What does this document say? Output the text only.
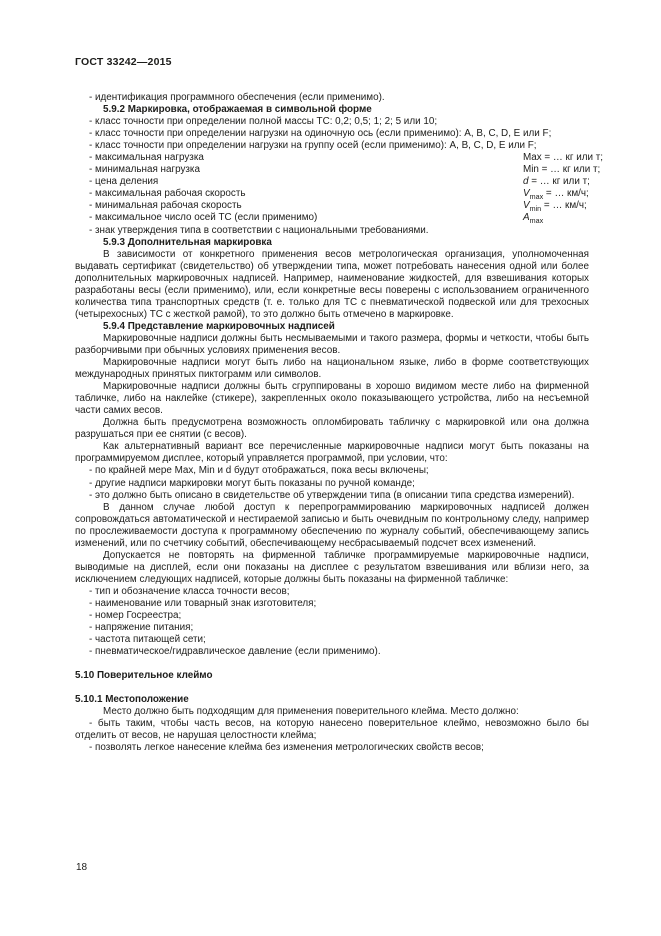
ГОСТ 33242—2015
- идентификация программного обеспечения (если применимо).
5.9.2 Маркировка, отображаемая в символьной форме
- класс точности при определении полной массы ТС: 0,2; 0,5; 1; 2; 5 или 10;
- класс точности при определении нагрузки на одиночную ось (если применимо): A, B, C, D, E или F;
- класс точности при определении нагрузки на группу осей (если применимо): A, B, C, D, E или F;
- максимальная нагрузка	Max = … кг или т;
- минимальная нагрузка	Min = … кг или т;
- цена деления	d = … кг или т;
- максимальная рабочая скорость	$V_{max}$ = … км/ч;
- минимальная рабочая скорость	$V_{min}$ = … км/ч;
- максимальное число осей ТС (если применимо)	$A_{max}$
- знак утверждения типа в соответствии с национальными требованиями.
5.9.3 Дополнительная маркировка
В зависимости от конкретного применения весов метрологическая организация, уполномоченная выдавать сертификат (свидетельство) об утверждении типа, может потребовать нанесения одной или более дополнительных маркировочных надписей. Например, наименование жидкостей, для взвешивания которых разработаны весы (если применимо), или, если конкретные весы поверены с использованием ограниченного количества типа транспортных средств (т. е. только для ТС с пневматической подвеской или для трехосных (четырехосных) ТС с жесткой рамой), то это должно быть отмечено в маркировке.
5.9.4 Представление маркировочных надписей
Маркировочные надписи должны быть несмываемыми и такого размера, формы и четкости, чтобы быть разборчивыми при обычных условиях применения весов.
Маркировочные надписи могут быть либо на национальном языке, либо в форме соответствующих международных принятых пиктограмм или символов.
Маркировочные надписи должны быть сгруппированы в хорошо видимом месте либо на фирменной табличке, либо на наклейке (стикере), закрепленных около показывающего устройства, либо на несъемной части самих весов.
Должна быть предусмотрена возможность опломбировать табличку с маркировкой или она должна разрушаться при ее снятии (с весов).
Как альтернативный вариант все перечисленные маркировочные надписи могут быть показаны на программируемом дисплее, который управляется программой, при условии, что:
- по крайней мере Max, Min и d будут отображаться, пока весы включены;
- другие надписи маркировки могут быть показаны по ручной команде;
- это должно быть описано в свидетельстве об утверждении типа (в описании типа средства измерений).
В данном случае любой доступ к перепрограммированию маркировочных надписей должен сопровождаться автоматической и нестираемой записью и быть очевидным по контрольному следу, например по прослеживаемости доступа к программному обеспечению по журналу событий, обеспечивающему запись изменений, или по счетчику событий, обеспечивающему несбрасываемый подсчет всех изменений.
Допускается не повторять на фирменной табличке программируемые маркировочные надписи, выводимые на дисплей, если они показаны на дисплее с результатом взвешивания или вблизи него, за исключением следующих надписей, которые должны быть показаны на фирменной табличке:
- тип и обозначение класса точности весов;
- наименование или товарный знак изготовителя;
- номер Госреестра;
- напряжение питания;
- частота питающей сети;
- пневматическое/гидравлическое давление (если применимо).
5.10 Поверительное клеймо
5.10.1 Местоположение
Место должно быть подходящим для применения поверительного клейма. Место должно:
- быть таким, чтобы часть весов, на которую нанесено поверительное клеймо, невозможно было бы отделить от весов, не нарушая целостности клейма;
- позволять легкое нанесение клейма без изменения метрологических свойств весов;
18
